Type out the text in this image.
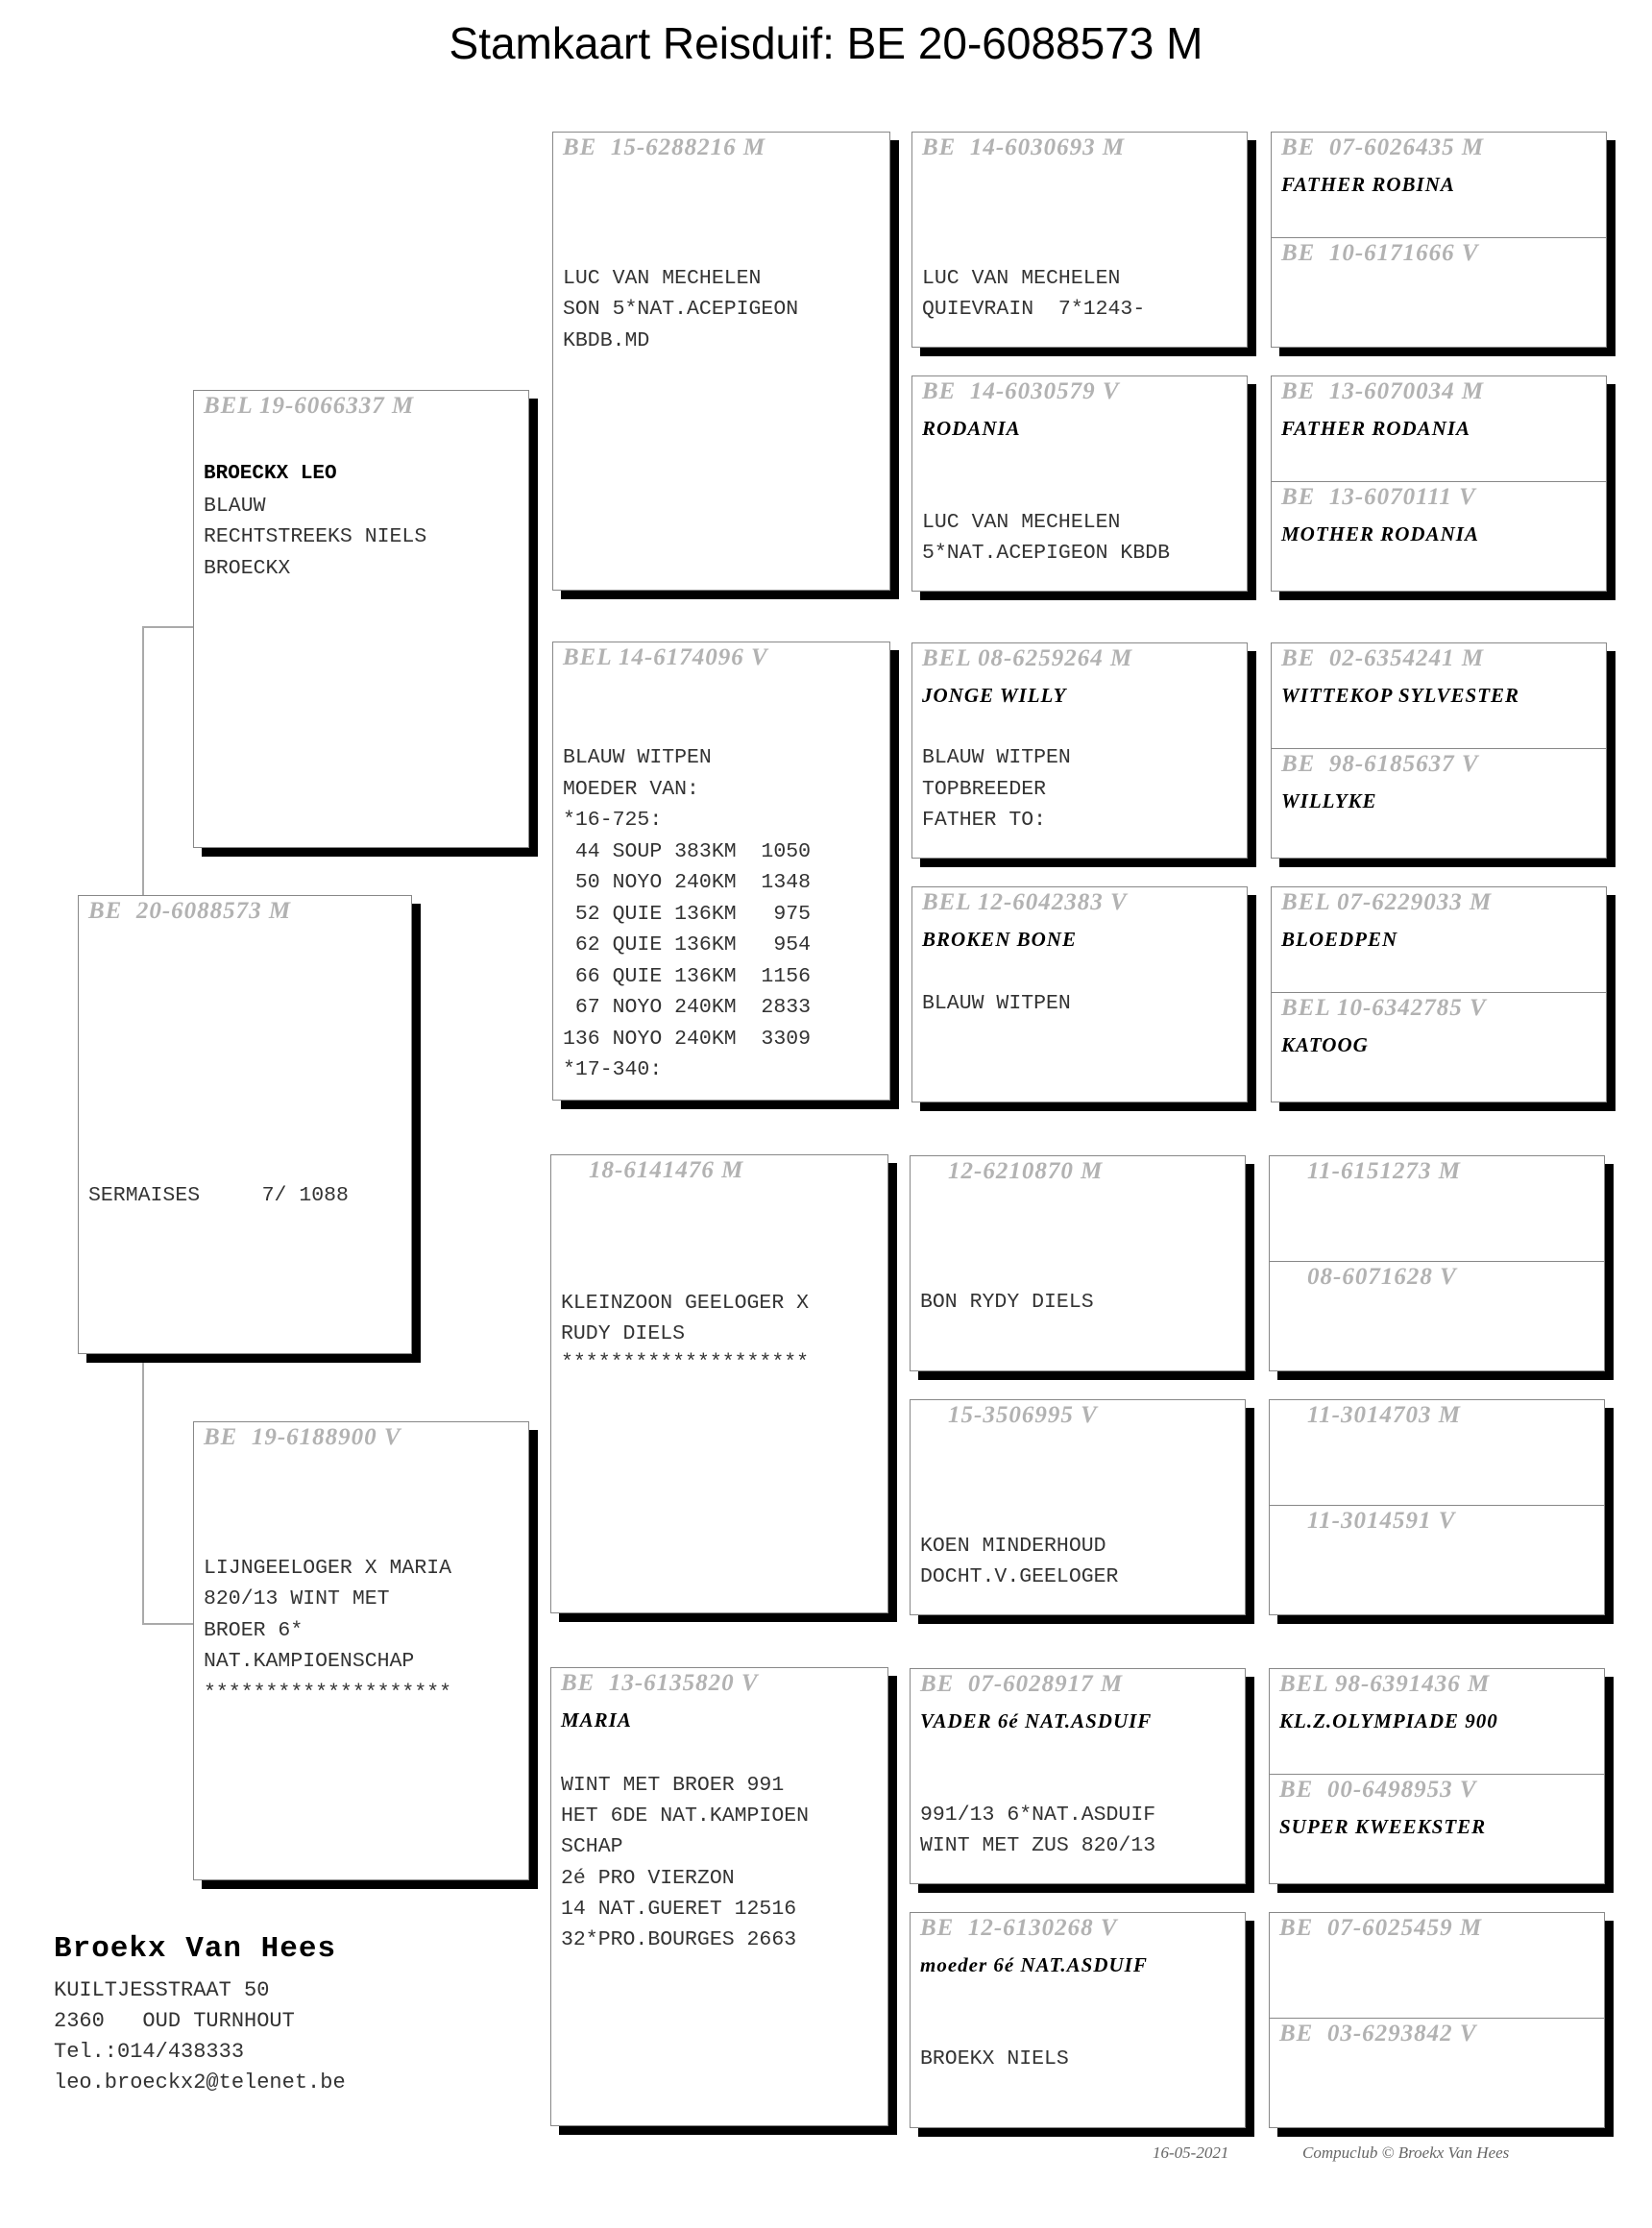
Stamkaart Reisduif: BE 20-6088573 M
BE  20-6088573 M
SERMAISES     7/ 1088
BEL 19-6066337 M
BROECKX LEO
BLAUW
RECHTSTREEKS NIELS
BROECKX
BE  19-6188900 V
LIJNGEELOGER X MARIA
820/13 WINT MET
BROER 6*
NAT.KAMPIOENSCHAP
********************
BE  15-6288216 M
LUC VAN MECHELEN
SON 5*NAT.ACEPIGEON
KBDB.MD
BEL 14-6174096 V
BLAUW WITPEN
MOEDER VAN:
*16-725:
44 SOUP 383KM  1050
50 NOYO 240KM  1348
52 QUIE 136KM   975
62 QUIE 136KM   954
66 QUIE 136KM  1156
67 NOYO 240KM  2833
136 NOYO 240KM  3309
*17-340:
18-6141476 M
KLEINZOON GEELOGER X
RUDY DIELS
********************
BE  13-6135820 V
MARIA
WINT MET BROER 991
HET 6DE NAT.KAMPIOEN
SCHAP
2é PRO VIERZON
14 NAT.GUERET 12516
32*PRO.BOURGES 2663
BE  14-6030693 M
LUC VAN MECHELEN
QUIEVRAIN  7*1243-
BE  14-6030579 V
RODANIA
LUC VAN MECHELEN
5*NAT.ACEPIGEON KBDB
BEL 08-6259264 M
JONGE WILLY
BLAUW WITPEN
TOPBREEDER
FATHER TO:
BEL 12-6042383 V
BROKEN BONE
BLAUW WITPEN
12-6210870 M
BON RYDY DIELS
15-3506995 V
KOEN MINDERHOUD
DOCHT.V.GEELOGER
BE  07-6028917 M
VADER 6é NAT.ASDUIF
991/13 6*NAT.ASDUIF
WINT MET ZUS 820/13
BE  12-6130268 V
moeder 6é NAT.ASDUIF
BROEKX NIELS
BE  07-6026435 M
FATHER ROBINA
BE  10-6171666 V
BE  13-6070034 M
FATHER RODANIA
BE  13-6070111 V
MOTHER RODANIA
BE  02-6354241 M
WITTEKOP SYLVESTER
BE  98-6185637 V
WILLYKE
BEL 07-6229033 M
BLOEDPEN
BEL 10-6342785 V
KATOOG
11-6151273 M
08-6071628 V
11-3014703 M
11-3014591 V
BEL 98-6391436 M
KL.Z.OLYMPIADE 900
BE  00-6498953 V
SUPER KWEEKSTER
BE  07-6025459 M
BE  03-6293842 V
Broekx Van Hees
KUILTJESSTRAAT 50
2360   OUD TURNHOUT
Tel.:014/438333
leo.broeckx2@telenet.be
16-05-2021	Compuclub © Broekx Van Hees
